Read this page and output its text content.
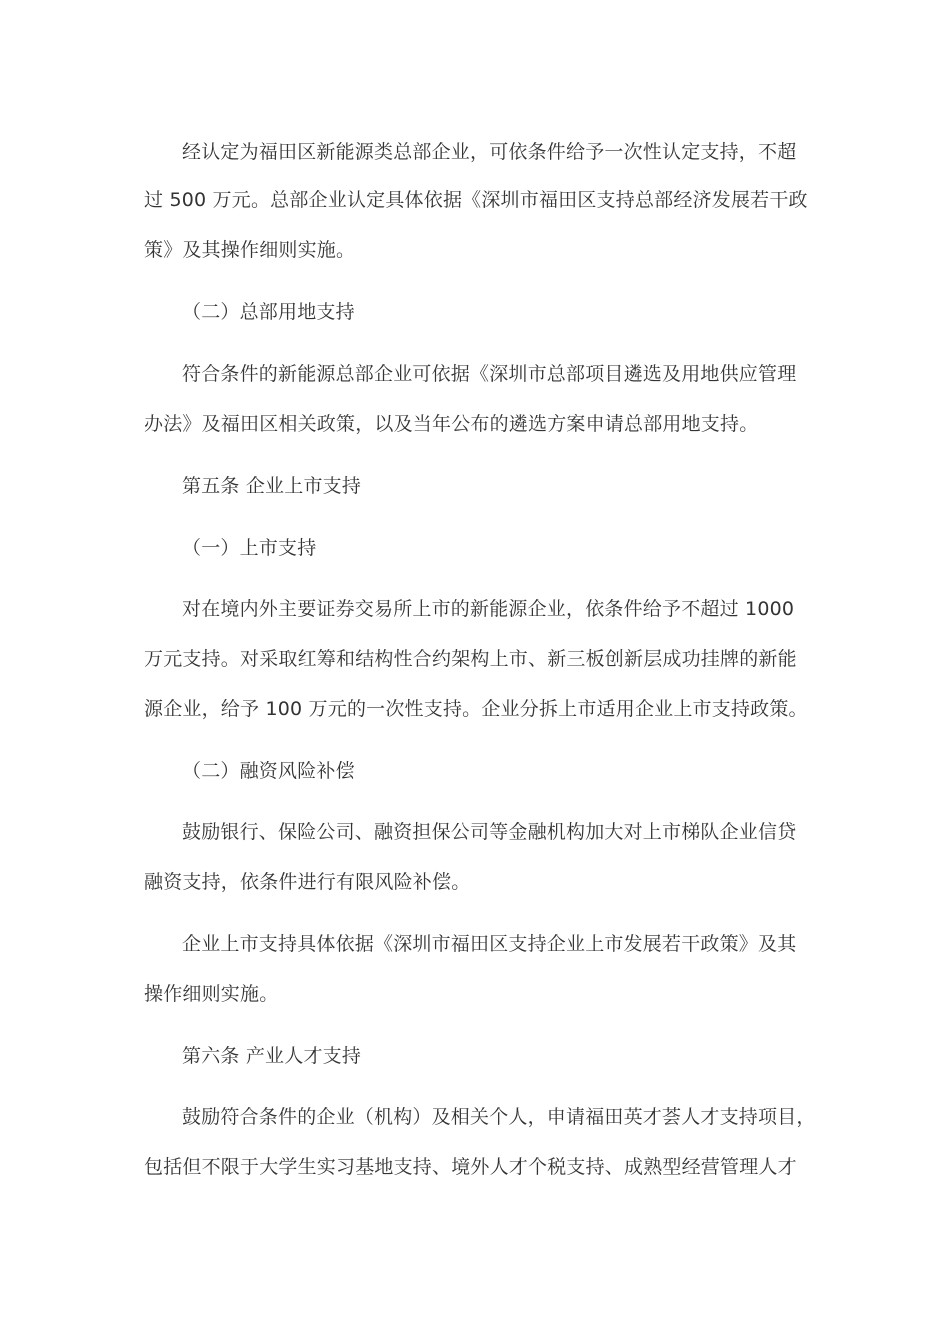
经认定为福田区新能源类总部企业，可依条件给予一次性认定支持，不超
过 500 万元。总部企业认定具体依据《深圳市福田区支持总部经济发展若干政
策》及其操作细则实施。
（二）总部用地支持
符合条件的新能源总部企业可依据《深圳市总部项目遴选及用地供应管理
办法》及福田区相关政策，以及当年公布的遴选方案申请总部用地支持。
第五条 企业上市支持
（一）上市支持
对在境内外主要证券交易所上市的新能源企业，依条件给予不超过 1000
万元支持。对采取红筹和结构性合约架构上市、新三板创新层成功挂牌的新能
源企业，给予 100 万元的一次性支持。企业分拆上市适用企业上市支持政策。
（二）融资风险补偿
鼓励银行、保险公司、融资担保公司等金融机构加大对上市梯队企业信贷
融资支持，依条件进行有限风险补偿。
企业上市支持具体依据《深圳市福田区支持企业上市发展若干政策》及其
操作细则实施。
第六条 产业人才支持
鼓励符合条件的企业（机构）及相关个人，申请福田英才荟人才支持项目，
包括但不限于大学生实习基地支持、境外人才个税支持、成熟型经营管理人才
